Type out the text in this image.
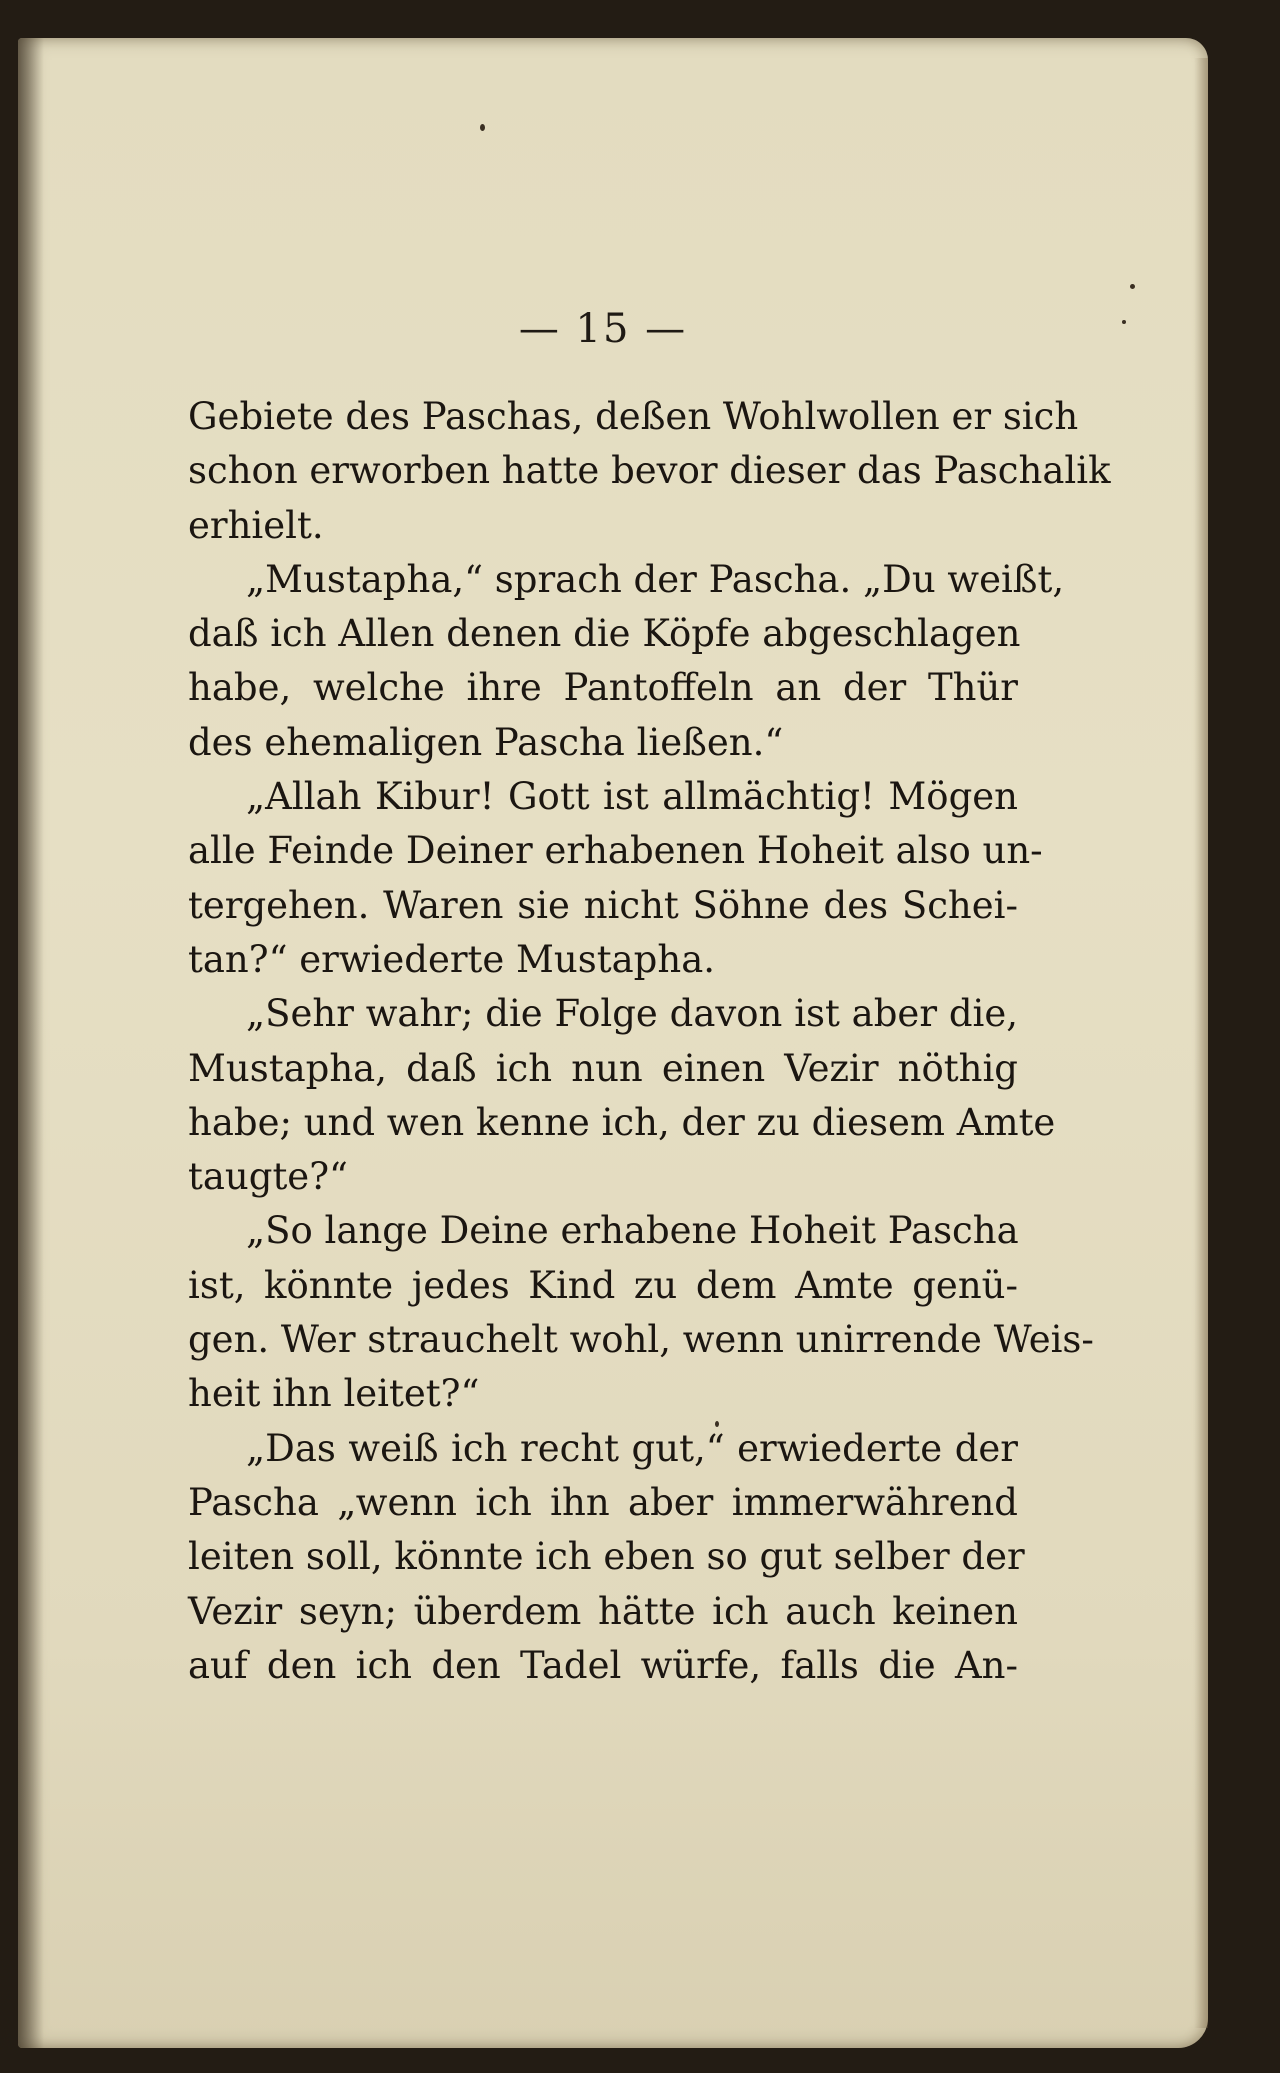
— 15 —
Gebiete des Paschas, deßen Wohlwollen er sich
schon erworben hatte bevor dieser das Paschalik
erhielt.
„Mustapha,“ sprach der Pascha. „Du weißt,
daß ich Allen denen die Köpfe abgeschlagen
habe, welche ihre Pantoffeln an der Thür
des ehemaligen Pascha ließen.“
„Allah Kibur! Gott ist allmächtig! Mögen
alle Feinde Deiner erhabenen Hoheit also un-
tergehen. Waren sie nicht Söhne des Schei-
tan?“ erwiederte Mustapha.
„Sehr wahr; die Folge davon ist aber die,
Mustapha, daß ich nun einen Vezir nöthig
habe; und wen kenne ich, der zu diesem Amte
taugte?“
„So lange Deine erhabene Hoheit Pascha
ist, könnte jedes Kind zu dem Amte genü-
gen. Wer strauchelt wohl, wenn unirrende Weis-
heit ihn leitet?“
„Das weiß ich recht gut,“ erwiederte der
Pascha „wenn ich ihn aber immerwährend
leiten soll, könnte ich eben so gut selber der
Vezir seyn; überdem hätte ich auch keinen
auf den ich den Tadel würfe, falls die An-
